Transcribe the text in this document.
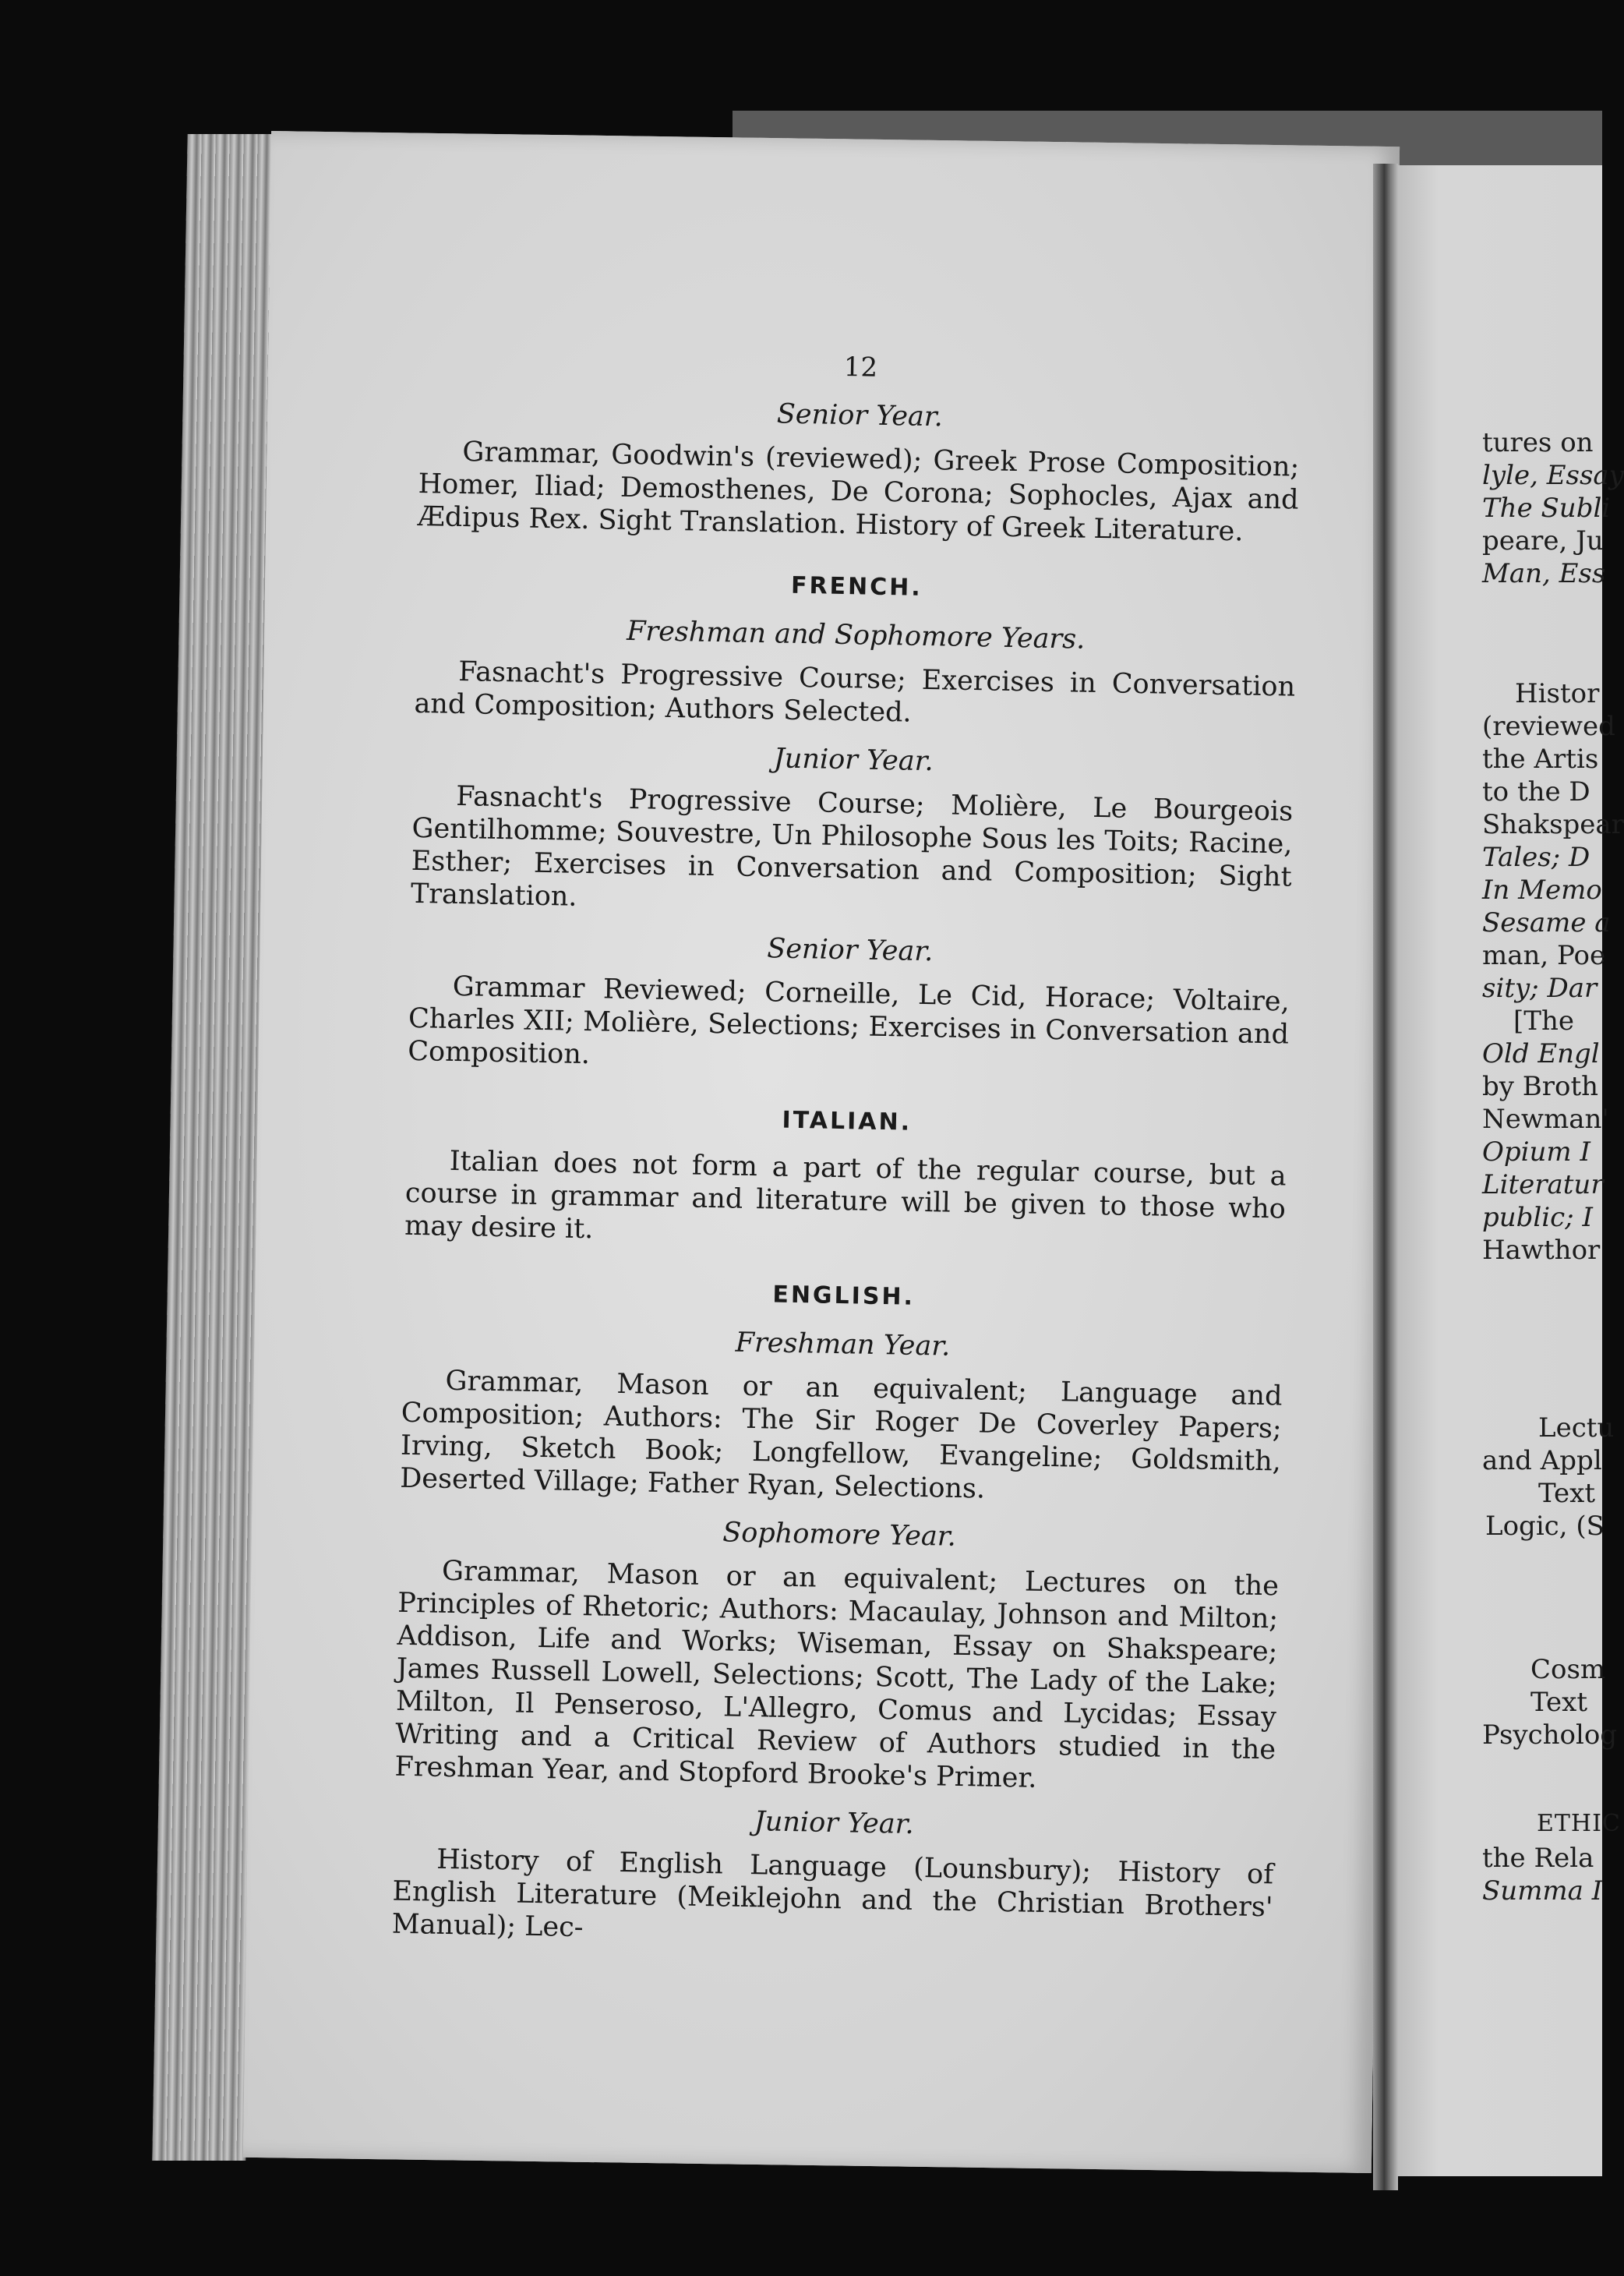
12
Senior Year.

Grammar, Goodwin's (reviewed); Greek Prose Composition; Homer, Iliad; Demosthenes, De Corona; Sophocles, Ajax and Ædipus Rex. Sight Translation. History of Greek Literature.

FRENCH.
Freshman and Sophomore Years.

Fasnacht's Progressive Course; Exercises in Conversation and Composition; Authors Selected.

Junior Year.

Fasnacht's Progressive Course; Molière, Le Bourgeois Gentilhomme; Souvestre, Un Philosophe Sous les Toits; Racine, Esther; Exercises in Conversation and Composition; Sight Translation.

Senior Year.

Grammar Reviewed; Corneille, Le Cid, Horace; Voltaire, Charles XII; Molière, Selections; Exercises in Conversation and Composition.

ITALIAN.

Italian does not form a part of the regular course, but a course in grammar and literature will be given to those who may desire it.

ENGLISH.
Freshman Year.

Grammar, Mason or an equivalent; Language and Composition; Authors: The Sir Roger De Coverley Papers; Irving, Sketch Book; Longfellow, Evangeline; Goldsmith, Deserted Village; Father Ryan, Selections.

Sophomore Year.

Grammar, Mason or an equivalent; Lectures on the Principles of Rhetoric; Authors: Macaulay, Johnson and Milton; Addison, Life and Works; Wiseman, Essay on Shakspeare; James Russell Lowell, Selections; Scott, The Lady of the Lake; Milton, Il Penseroso, L'Allegro, Comus and Lycidas; Essay Writing and a Critical Review of Authors studied in the Freshman Year, and Stopford Brooke's Primer.

Junior Year.

History of English Language (Lounsbury); History of English Literature (Meiklejohn and the Christian Brothers' Manual); Lec-

tures on
lyle, Essay
The Subli
peare, Ju
Man, Ess
Histor
(reviewed
the Artis
to the D
Shakspear
Tales; D
In Memo
Sesame a
man, Poe
sity; Dar
[The
Old Engl
by Broth
Newman'
Opium I
Literatur
public; I
Hawthor
Lectu
and Appl
Text
Logic, (S
Cosm
Text
Psycholog
ETHIC
the Rela
Summa I
